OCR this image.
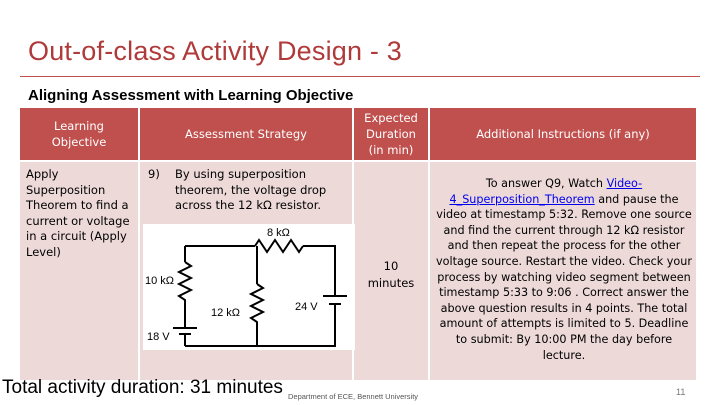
Out-of-class Activity Design - 3
Aligning Assessment with Learning Objective
Learning
Objective
Assessment Strategy
Expected
Duration
(in min)
Additional Instructions (if any)
Apply Superposition Theorem to find a current or voltage in a circuit (Apply Level)
9) By using superposition theorem, the voltage drop across the 12 kΩ resistor.
10
minutes
To answer Q9, Watch Video-4_Superposition_Theorem and pause the video at timestamp 5:32. Remove one source and find the current through 12 kΩ resistor and then repeat the process for the other voltage source. Restart the video. Check your process by watching video segment between timestamp 5:33 to 9:06 . Correct answer the above question results in 4 points. The total amount of attempts is limited to 5. Deadline to submit: By 10:00 PM the day before lecture.
8 kΩ
10 kΩ
12 kΩ
18 V
24 V
Total activity duration: 31 minutes Department of ECE, Bennett University	11
